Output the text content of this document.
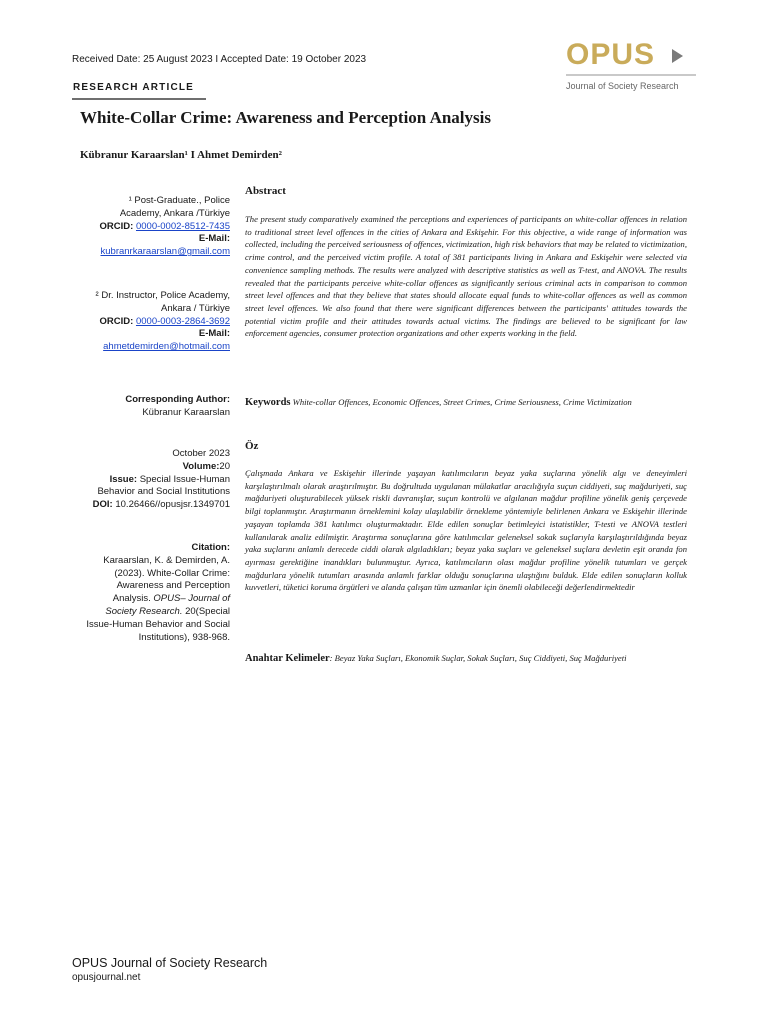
Received Date: 25 August 2023 I Accepted Date: 19 October 2023	OPUS
Journal of Society Research
RESEARCH ARTICLE
White-Collar Crime: Awareness and Perception Analysis
Kübranur Karaarslan¹ I Ahmet Demirden²
¹ Post-Graduate., Police Academy, Ankara /Türkiye
ORCID: 0000-0002-8512-7435
E-Mail:
kubranrkaraarslan@gmail.com
² Dr. Instructor, Police Academy, Ankara / Türkiye
ORCID: 0000-0003-2864-3692
E-Mail:
ahmetdemirden@hotmail.com
Corresponding Author:
Kübranur Karaarslan
October 2023
Volume:20
Issue: Special Issue-Human Behavior and Social Institutions
DOI: 10.26466//opusjsr.1349701
Citation:
Karaarslan, K. & Demirden, A. (2023). White-Collar Crime: Awareness and Perception Analysis. OPUS– Journal of Society Research. 20(Special Issue-Human Behavior and Social Institutions), 938-968.
Abstract
The present study comparatively examined the perceptions and experiences of participants on white-collar offences in relation to traditional street level offences in the cities of Ankara and Eskişehir. For this objective, a wide range of information was collected, including the perceived seriousness of offences, victimization, high risk behaviors that may be related to victimization, crime control, and the perceived victim profile. A total of 381 participants living in Ankara and Eskişehir were selected via convenience sampling methods. The results were analyzed with descriptive statistics as well as T-test, and ANOVA. The results revealed that the participants perceive white-collar offences as significantly serious criminal acts in comparison to common street level offences and that they believe that states should allocate equal funds to white-collar offences as well as common street level offences. We also found that there were significant differences between the participants' attitudes towards the potential victim profile and their attitudes towards actual victims. The findings are believed to be significant for law enforcement agencies, consumer protection organizations and other experts working in the field.
Keywords White-collar Offences, Economic Offences, Street Crimes, Crime Seriousness, Crime Victimization
Öz
Çalışmada Ankara ve Eskişehir illerinde yaşayan katılımcıların beyaz yaka suçlarına yönelik algı ve deneyimleri karşılaştırılmalı olarak araştırılmıştır. Bu doğrultuda uygulanan mülakatlar aracılığıyla suçun ciddiyeti, suç mağduriyeti, suç mağduriyeti oluşturabilecek yüksek riskli davranışlar, suçun kontrolü ve algılanan mağdur profiline yönelik geniş çerçevede bilgi toplanmıştır. Araştırmanın örneklemini kolay ulaşılabilir örnekleme yöntemiyle belirlenen Ankara ve Eskişehir illerinde yaşayan toplamda 381 katılımcı oluşturmaktadır. Elde edilen sonuçlar betimleyici istatistikler, T-testi ve ANOVA testleri kullanılarak analiz edilmiştir. Araştırma sonuçlarına göre katılımcılar geleneksel sokak suçlarıyla karşılaştırıldığında beyaz yaka suçlarını anlamlı derecede ciddi olarak algıladıkları; beyaz yaka suçları ve geleneksel suçlara devletin eşit oranda fon ayırması gerektiğine inandıkları bulunmuştur. Ayrıca, katılımcıların olası mağdur profiline yönelik tutumları ve gerçek mağdurlara yönelik tutumları arasında anlamlı farklar olduğu sonuçlarına ulaştığını bulduk. Elde edilen sonuçların kolluk kuvvetleri, tüketici koruma örgütleri ve alanda çalışan tüm uzmanlar için önemli olabileceği değerlendirmektedir
Anahtar Kelimeler: Beyaz Yaka Suçları, Ekonomik Suçlar, Sokak Suçları, Suç Ciddiyeti, Suç Mağduriyeti
OPUS Journal of Society Research
opusjournal.net
